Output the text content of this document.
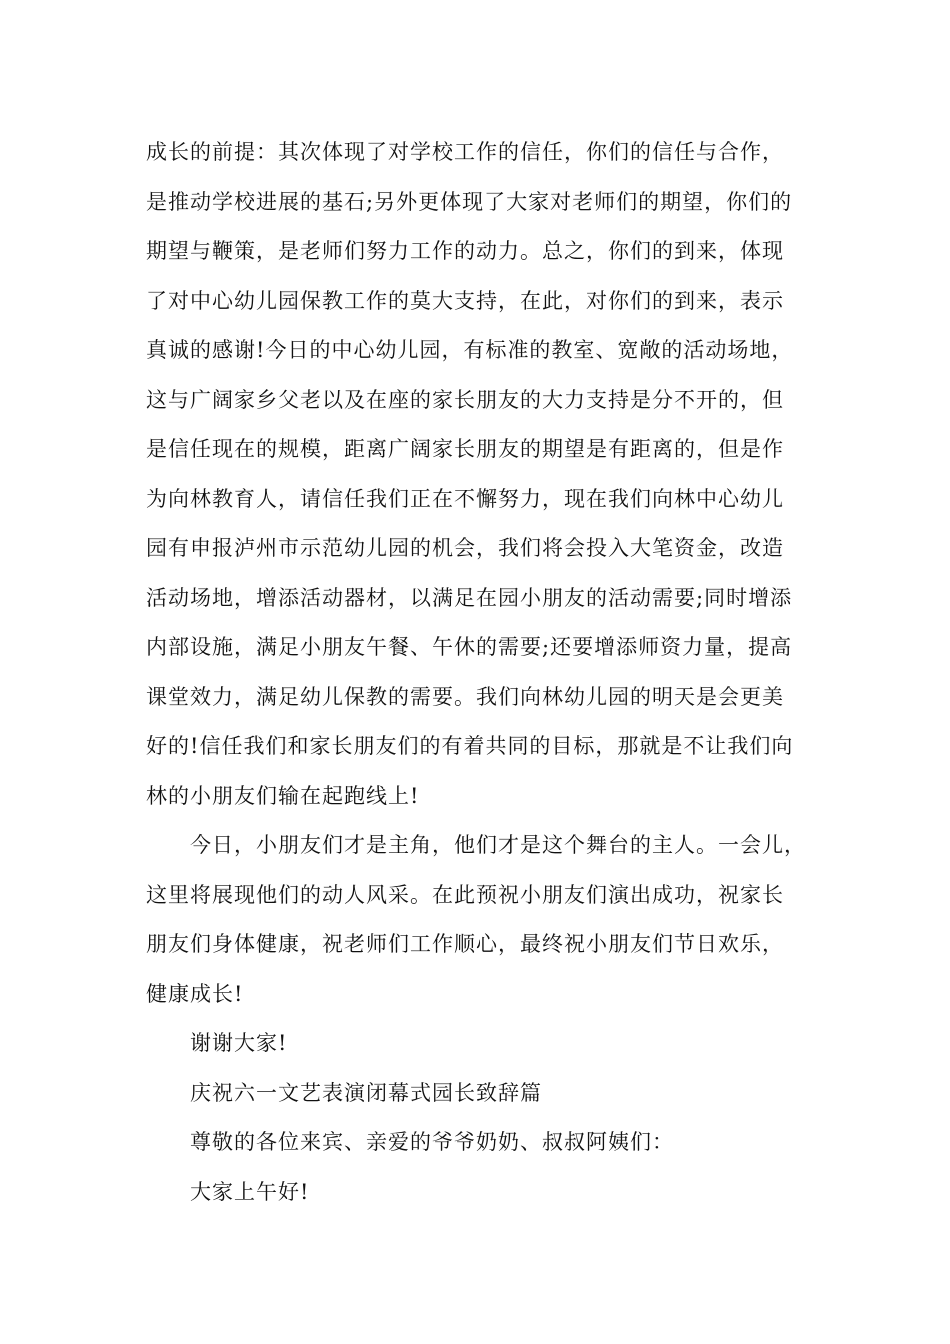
成长的前提：其次体现了对学校工作的信任，你们的信任与合作，
是推动学校进展的基石;另外更体现了大家对老师们的期望，你们的
期望与鞭策，是老师们努力工作的动力。总之，你们的到来，体现
了对中心幼儿园保教工作的莫大支持，在此，对你们的到来，表示
真诚的感谢!今日的中心幼儿园，有标准的教室、宽敞的活动场地，
这与广阔家乡父老以及在座的家长朋友的大力支持是分不开的，但
是信任现在的规模，距离广阔家长朋友的期望是有距离的，但是作
为向林教育人，请信任我们正在不懈努力，现在我们向林中心幼儿
园有申报泸州市示范幼儿园的机会，我们将会投入大笔资金，改造
活动场地，增添活动器材，以满足在园小朋友的活动需要;同时增添
内部设施，满足小朋友午餐、午休的需要;还要增添师资力量，提高
课堂效力，满足幼儿保教的需要。我们向林幼儿园的明天是会更美
好的!信任我们和家长朋友们的有着共同的目标，那就是不让我们向
林的小朋友们输在起跑线上!
今日，小朋友们才是主角，他们才是这个舞台的主人。一会儿，
这里将展现他们的动人风采。在此预祝小朋友们演出成功，祝家长
朋友们身体健康，祝老师们工作顺心，最终祝小朋友们节日欢乐，
健康成长!
谢谢大家!
庆祝六一文艺表演闭幕式园长致辞篇
尊敬的各位来宾、亲爱的爷爷奶奶、叔叔阿姨们：
大家上午好!
